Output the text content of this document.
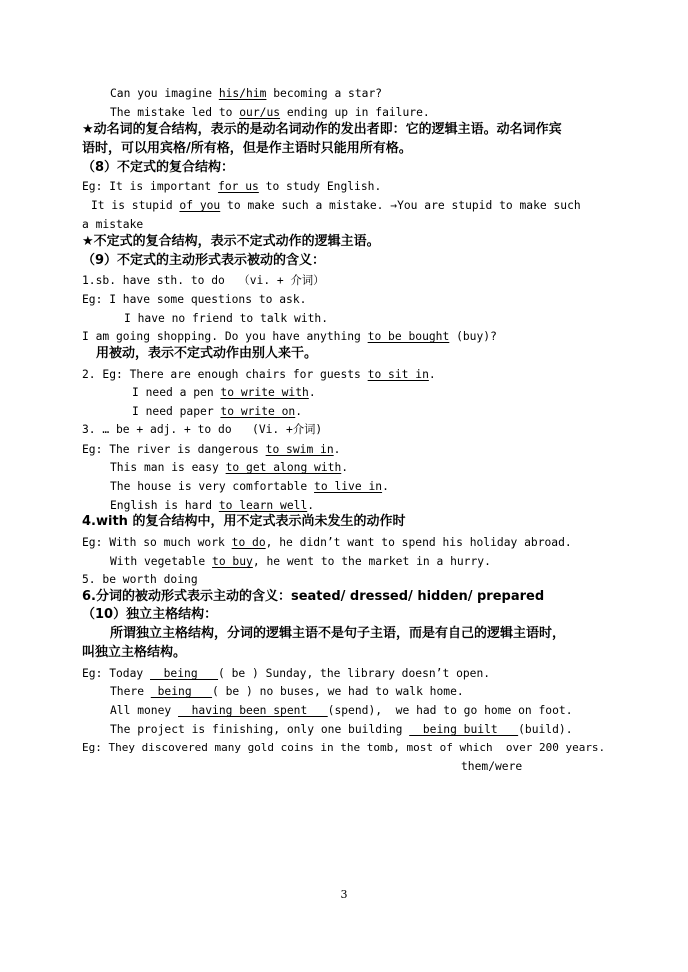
Can you imagine his/him becoming a star?
The mistake led to our/us ending up in failure.
★动名词的复合结构，表示的是动名词动作的发出者即：它的逻辑主语。动名词作宾
语时，可以用宾格/所有格，但是作主语时只能用所有格。
（8）不定式的复合结构：
Eg: It is important for us to study English.
It is stupid of you to make such a mistake. →You are stupid to make such
a mistake
★不定式的复合结构，表示不定式动作的逻辑主语。
（9）不定式的主动形式表示被动的含义：
1.sb. have sth. to do  （vi. + 介词）
Eg: I have some questions to ask.
I have no friend to talk with.
I am going shopping. Do you have anything to be bought (buy)?
用被动，表示不定式动作由别人来干。
2. Eg: There are enough chairs for guests to sit in.
I need a pen to write with.
I need paper to write on.
3. … be + adj. + to do   (Vi. +介词)
Eg: The river is dangerous to swim in.
This man is easy to get along with.
The house is very comfortable to live in.
English is hard to learn well.
4.with 的复合结构中，用不定式表示尚未发生的动作时
Eg: With so much work to do, he didn’t want to spend his holiday abroad.
With vegetable to buy, he went to the market in a hurry.
5. be worth doing
6.分词的被动形式表示主动的含义：seated/ dressed/ hidden/ prepared
（10）独立主格结构：
所谓独立主格结构，分词的逻辑主语不是句子主语，而是有自己的逻辑主语时，
叫独立主格结构。
Eg: Today __being___( be ) Sunday, the library doesn’t open.
There _being___( be ) no buses, we had to walk home.
All money __having been spent___(spend),  we had to go home on foot.
The project is finishing, only one building __being built___(build).
Eg: They discovered many gold coins in the tomb, most of which  over 200 years.
them/were
3
